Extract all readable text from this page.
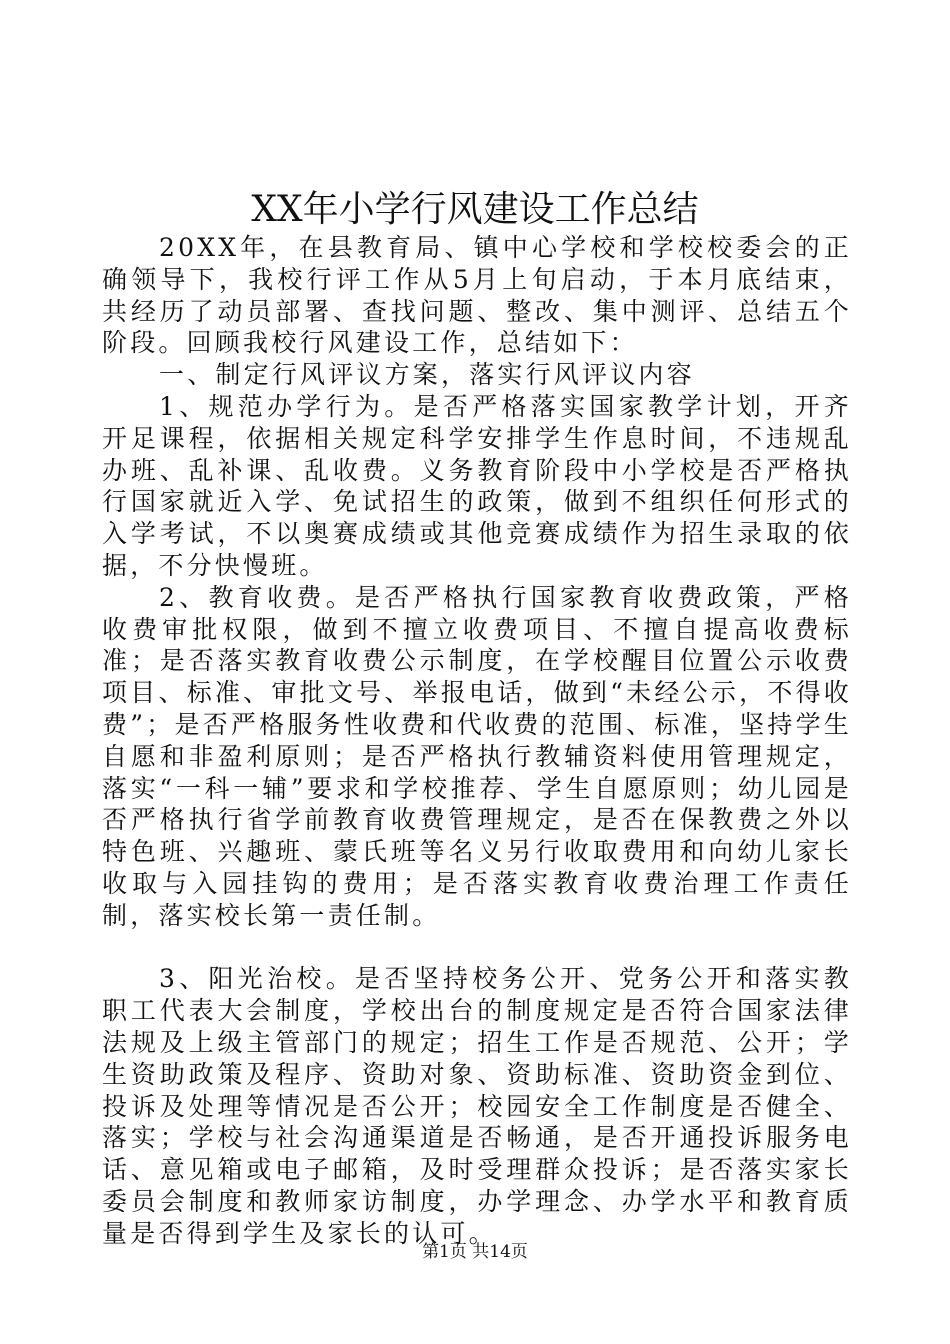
XX年小学行风建设工作总结

20XX年，在县教育局、镇中心学校和学校校委会的正确领导下，我校行评工作从5月上旬启动，于本月底结束，共经历了动员部署、查找问题、整改、集中测评、总结五个阶段。回顾我校行风建设工作，总结如下：

一、制定行风评议方案，落实行风评议内容

1、规范办学行为。是否严格落实国家教学计划，开齐开足课程，依据相关规定科学安排学生作息时间，不违规乱办班、乱补课、乱收费。义务教育阶段中小学校是否严格执行国家就近入学、免试招生的政策，做到不组织任何形式的入学考试，不以奥赛成绩或其他竞赛成绩作为招生录取的依据，不分快慢班。

2、教育收费。是否严格执行国家教育收费政策，严格收费审批权限，做到不擅立收费项目、不擅自提高收费标准；是否落实教育收费公示制度，在学校醒目位置公示收费项目、标准、审批文号、举报电话，做到“未经公示，不得收费”；是否严格服务性收费和代收费的范围、标准，坚持学生自愿和非盈利原则；是否严格执行教辅资料使用管理规定，落实“一科一辅”要求和学校推荐、学生自愿原则；幼儿园是否严格执行省学前教育收费管理规定，是否在保教费之外以特色班、兴趣班、蒙氏班等名义另行收取费用和向幼儿家长收取与入园挂钩的费用；是否落实教育收费治理工作责任制，落实校长第一责任制。

3、阳光治校。是否坚持校务公开、党务公开和落实教职工代表大会制度，学校出台的制度规定是否符合国家法律法规及上级主管部门的规定；招生工作是否规范、公开；学生资助政策及程序、资助对象、资助标准、资助资金到位、投诉及处理等情况是否公开；校园安全工作制度是否健全、落实；学校与社会沟通渠道是否畅通，是否开通投诉服务电话、意见箱或电子邮箱，及时受理群众投诉；是否落实家长委员会制度和教师家访制度，办学理念、办学水平和教育质量是否得到学生及家长的认可。

第1页 共14页
